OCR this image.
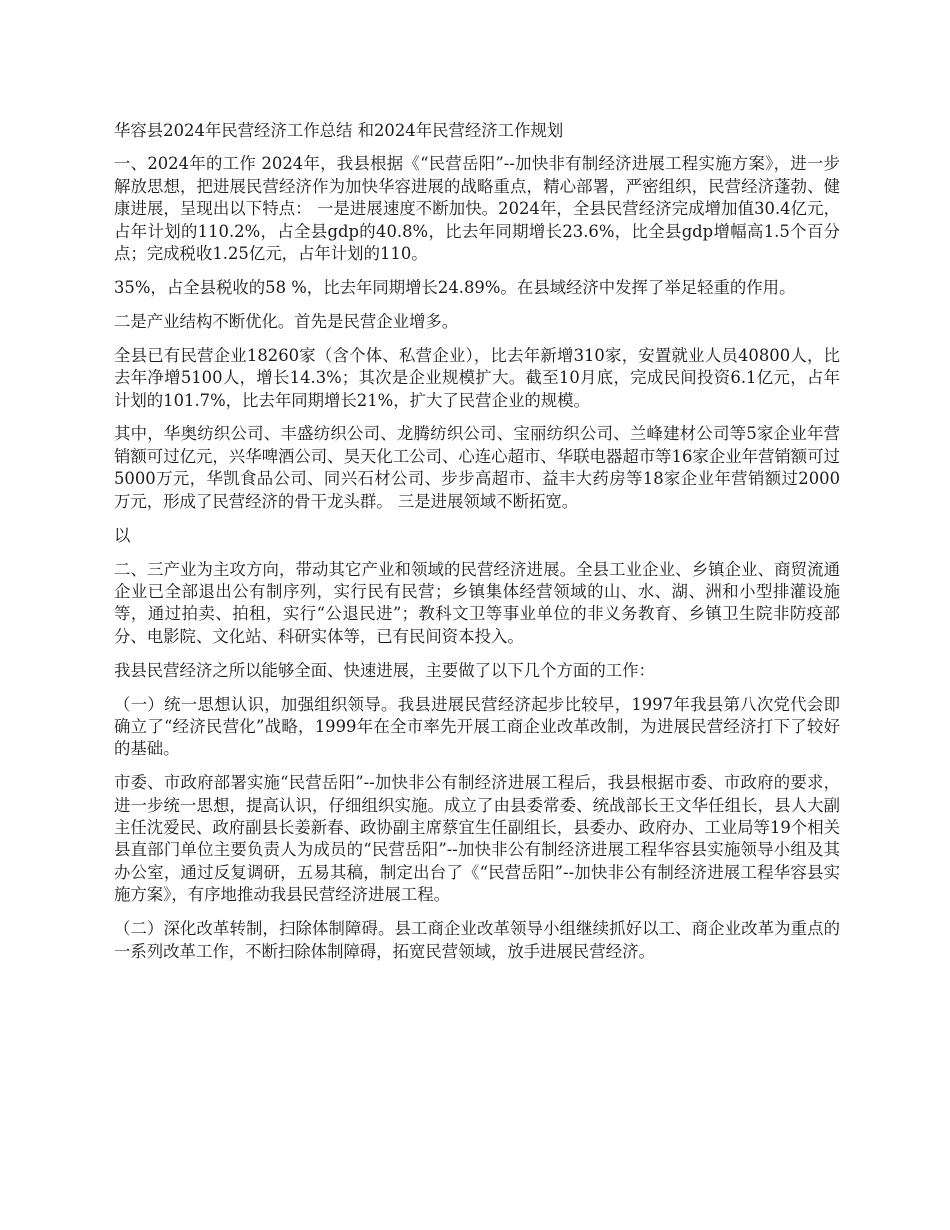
华容县2024年民营经济工作总结 和2024年民营经济工作规划

一、2024年的工作 2024年，我县根据《“民营岳阳”--加快非有制经济进展工程实施方案》，进一步解放思想，把进展民营经济作为加快华容进展的战略重点，精心部署，严密组织，民营经济蓬勃、健康进展，呈现出以下特点： 一是进展速度不断加快。2024年，全县民营经济完成增加值30.4亿元，占年计划的110.2%，占全县gdp的40.8%，比去年同期增长23.6%，比全县gdp增幅高1.5个百分点；完成税收1.25亿元，占年计划的110。

35%，占全县税收的58 %，比去年同期增长24.89%。在县域经济中发挥了举足轻重的作用。

二是产业结构不断优化。首先是民营企业增多。

全县已有民营企业18260家（含个体、私营企业），比去年新增310家，安置就业人员40800人，比去年净增5100人，增长14.3%；其次是企业规模扩大。截至10月底，完成民间投资6.1亿元，占年计划的101.7%，比去年同期增长21%，扩大了民营企业的规模。

其中，华奥纺织公司、丰盛纺织公司、龙腾纺织公司、宝丽纺织公司、兰峰建材公司等5家企业年营销额可过亿元，兴华啤酒公司、昊天化工公司、心连心超市、华联电器超市等16家企业年营销额可过5000万元，华凯食品公司、同兴石材公司、步步高超市、益丰大药房等18家企业年营销额过2000万元，形成了民营经济的骨干龙头群。 三是进展领域不断拓宽。

以

二、三产业为主攻方向，带动其它产业和领域的民营经济进展。全县工业企业、乡镇企业、商贸流通企业已全部退出公有制序列，实行民有民营；乡镇集体经营领域的山、水、湖、洲和小型排灌设施等，通过拍卖、拍租，实行“公退民进”；教科文卫等事业单位的非义务教育、乡镇卫生院非防疫部分、电影院、文化站、科研实体等，已有民间资本投入。

我县民营经济之所以能够全面、快速进展，主要做了以下几个方面的工作：

（一）统一思想认识，加强组织领导。我县进展民营经济起步比较早，1997年我县第八次党代会即确立了“经济民营化”战略，1999年在全市率先开展工商企业改革改制，为进展民营经济打下了较好的基础。

市委、市政府部署实施“民营岳阳”--加快非公有制经济进展工程后，我县根据市委、市政府的要求，进一步统一思想，提高认识，仔细组织实施。成立了由县委常委、统战部长王文华任组长，县人大副主任沈爱民、政府副县长姜新春、政协副主席蔡宜生任副组长，县委办、政府办、工业局等19个相关县直部门单位主要负责人为成员的“民营岳阳”--加快非公有制经济进展工程华容县实施领导小组及其办公室，通过反复调研，五易其稿，制定出台了《“民营岳阳”--加快非公有制经济进展工程华容县实施方案》，有序地推动我县民营经济进展工程。

（二）深化改革转制，扫除体制障碍。县工商企业改革领导小组继续抓好以工、商企业改革为重点的一系列改革工作，不断扫除体制障碍，拓宽民营领域，放手进展民营经济。
